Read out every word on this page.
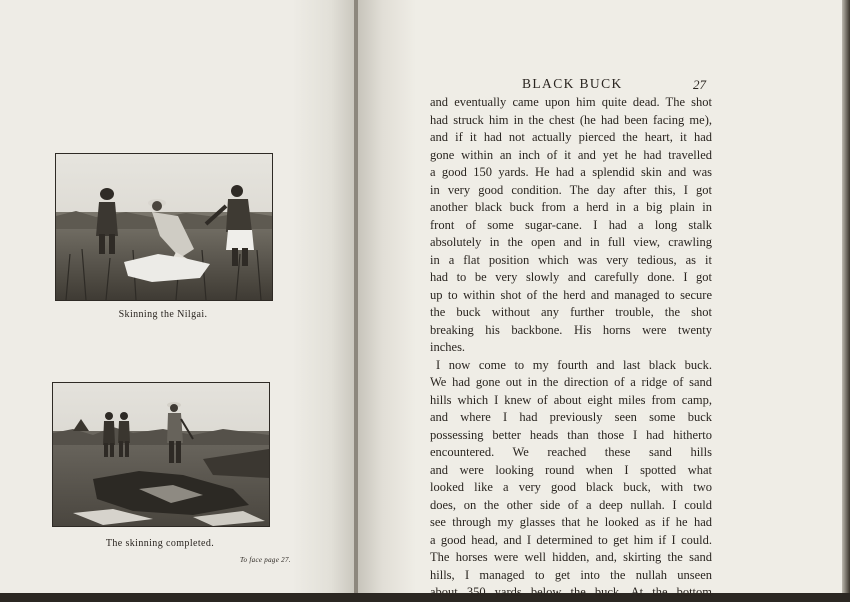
Skinning the Nilgai.
The skinning completed.
To face page 27.
BLACK BUCK	27
and eventually came upon him quite dead. The shot
had struck him in the chest (he had been facing me),
and if it had not actually pierced the heart, it had
gone within an inch of it and yet he had travelled
a good 150 yards. He had a splendid skin and was
in very good condition. The day after this, I got
another black buck from a herd in a big plain in
front of some sugar-cane. I had a long stalk
absolutely in the open and in full view, crawling
in a flat position which was very tedious, as it
had to be very slowly and carefully done. I got
up to within shot of the herd and managed to secure
the buck without any further trouble, the shot
breaking his backbone. His horns were twenty
inches.
I now come to my fourth and last black buck.
We had gone out in the direction of a ridge of sand
hills which I knew of about eight miles from camp,
and where I had previously seen some buck
possessing better heads than those I had hitherto
encountered. We reached these sand hills
and were looking round when I spotted what
looked like a very good black buck, with two
does, on the other side of a deep nullah. I could
see through my glasses that he looked as if he had
a good head, and I determined to get him if I could.
The horses were well hidden, and, skirting the sand
hills, I managed to get into the nullah unseen
about 350 yards below the buck. At the bottom
